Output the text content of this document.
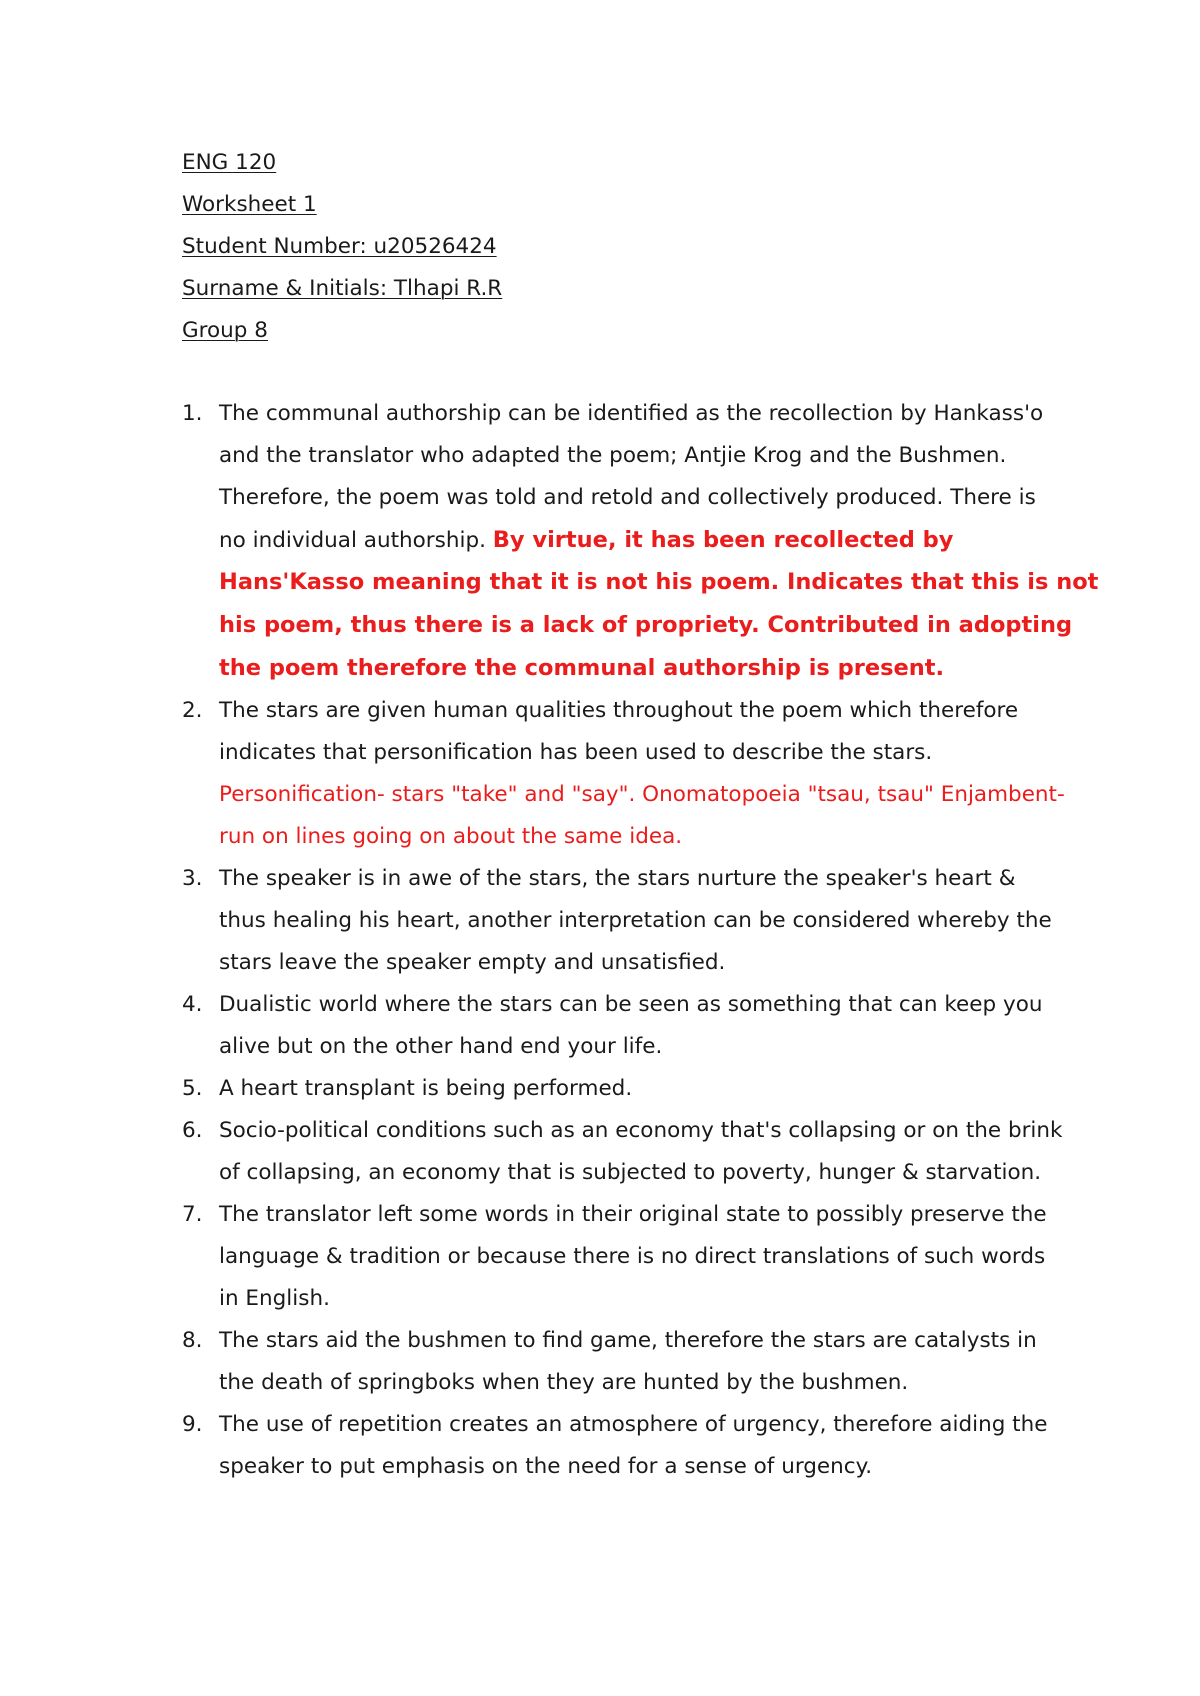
ENG 120
Worksheet 1
Student Number: u20526424
Surname & Initials: Tlhapi R.R
Group 8
1. The communal authorship can be identified as the recollection by Hankass'o
and the translator who adapted the poem; Antjie Krog and the Bushmen.
Therefore, the poem was told and retold and collectively produced. There is
no individual authorship. By virtue, it has been recollected by
Hans'Kasso meaning that it is not his poem. Indicates that this is not
his poem, thus there is a lack of propriety. Contributed in adopting
the poem therefore the communal authorship is present.
2. The stars are given human qualities throughout the poem which therefore
indicates that personification has been used to describe the stars.
Personification- stars "take" and "say". Onomatopoeia "tsau, tsau" Enjambent-
run on lines going on about the same idea.
3. The speaker is in awe of the stars, the stars nurture the speaker's heart &
thus healing his heart, another interpretation can be considered whereby the
stars leave the speaker empty and unsatisfied.
4. Dualistic world where the stars can be seen as something that can keep you
alive but on the other hand end your life.
5. A heart transplant is being performed.
6. Socio-political conditions such as an economy that's collapsing or on the brink
of collapsing, an economy that is subjected to poverty, hunger & starvation.
7. The translator left some words in their original state to possibly preserve the
language & tradition or because there is no direct translations of such words
in English.
8. The stars aid the bushmen to find game, therefore the stars are catalysts in
the death of springboks when they are hunted by the bushmen.
9. The use of repetition creates an atmosphere of urgency, therefore aiding the
speaker to put emphasis on the need for a sense of urgency.
